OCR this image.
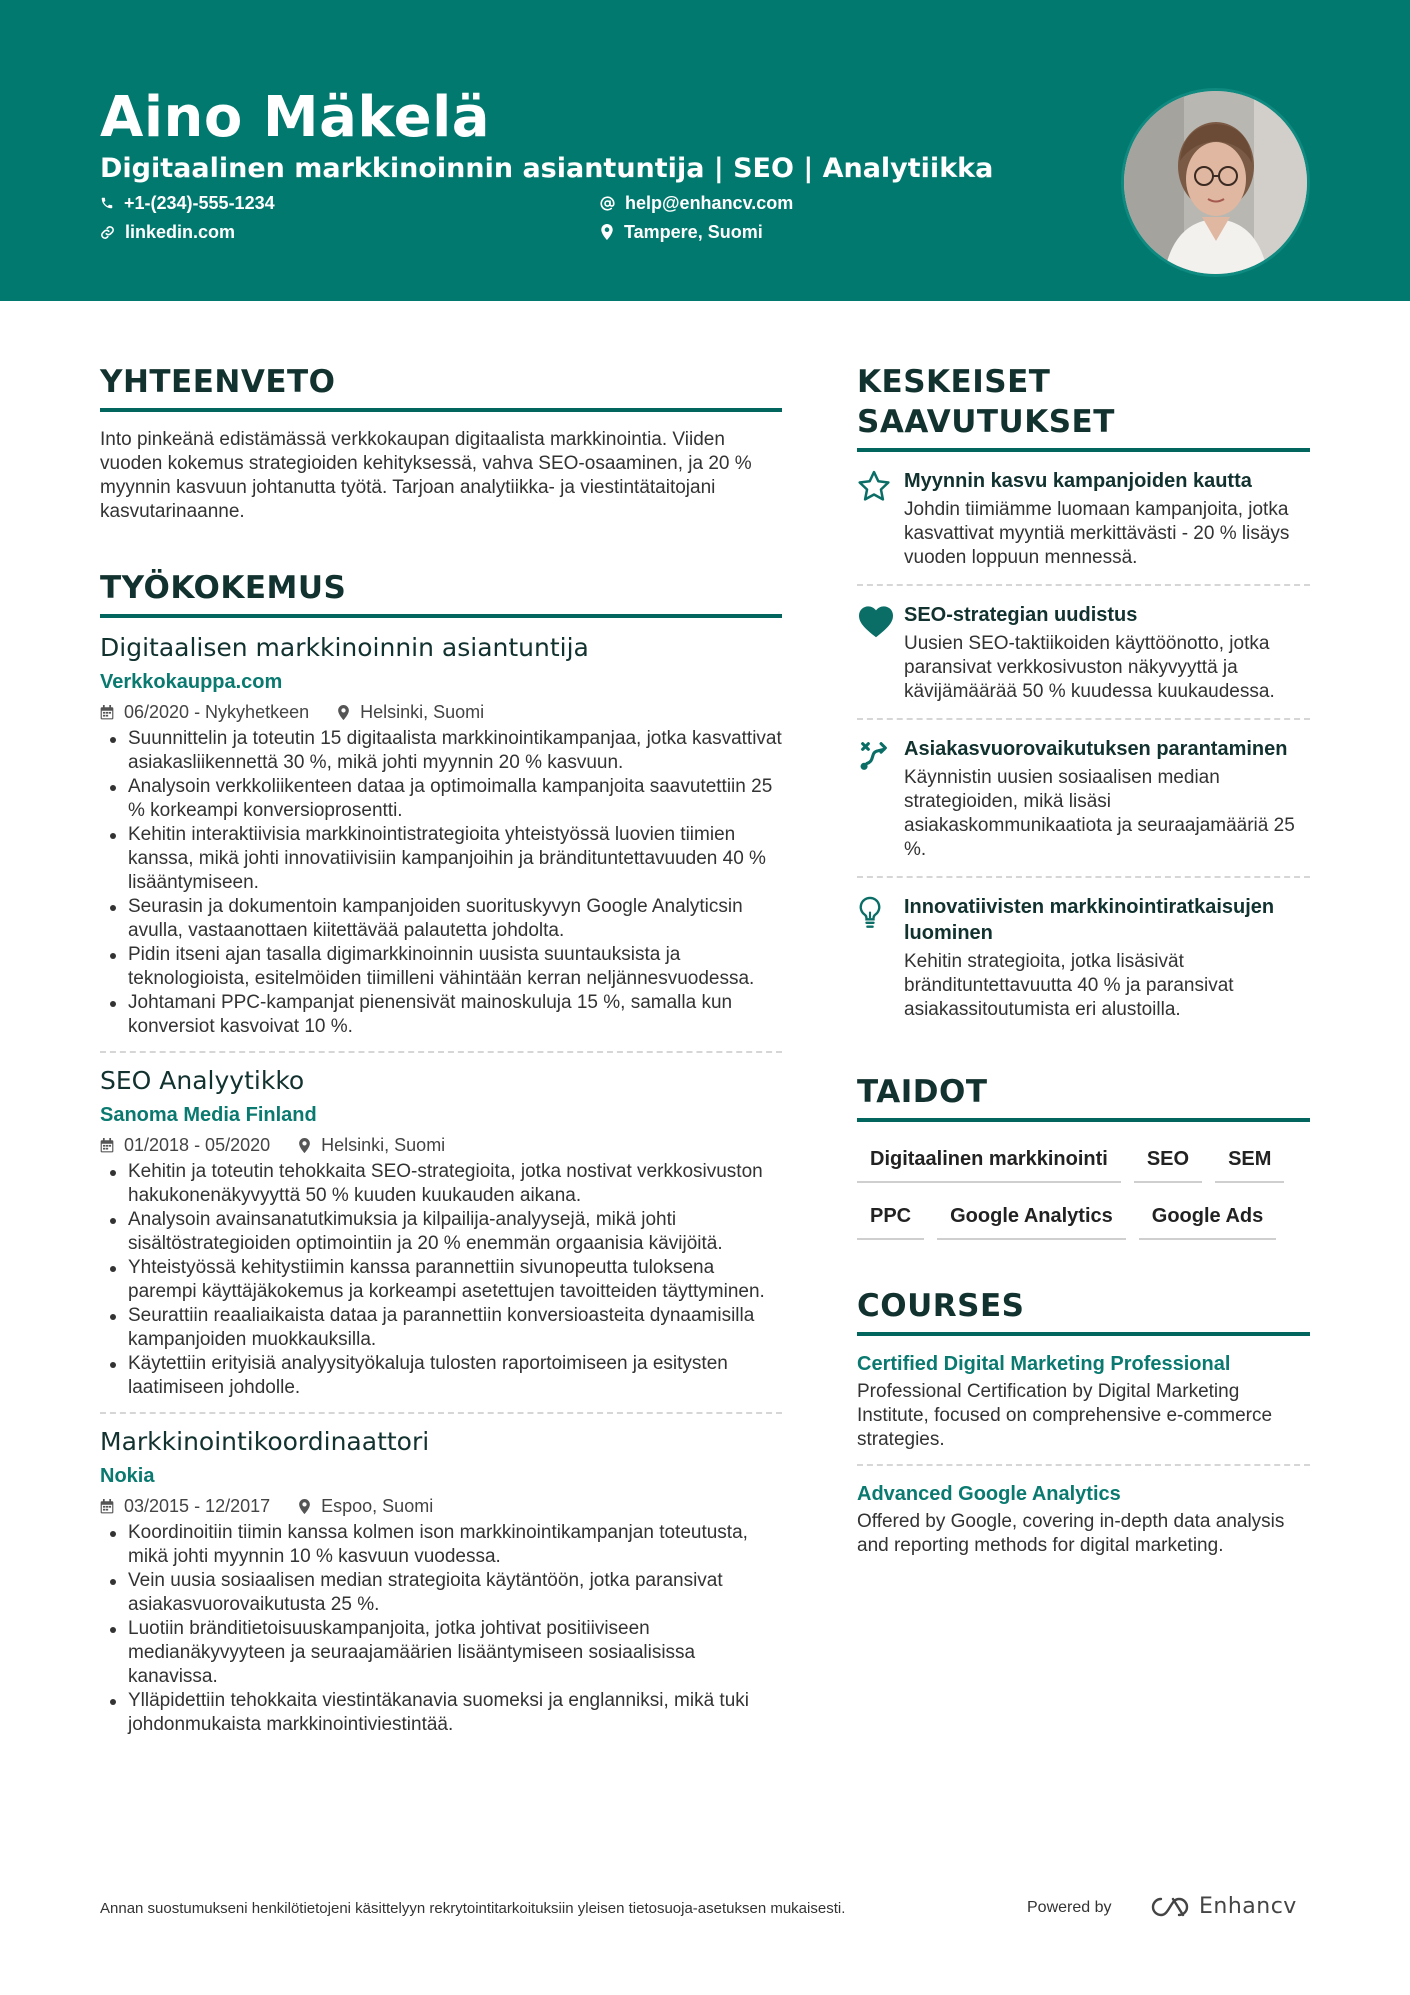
Aino Mäkelä
Digitaalinen markkinoinnin asiantuntija | SEO | Analytiikka
+1-(234)-555-1234	help@enhancv.com
linkedin.com	Tampere, Suomi
YHTEENVETO
Into pinkeänä edistämässä verkkokaupan digitaalista markkinointia. Viiden vuoden kokemus strategioiden kehityksessä, vahva SEO-osaaminen, ja 20 % myynnin kasvuun johtanutta työtä. Tarjoan analytiikka- ja viestintätaitojani kasvutarinaanne.
TYÖKOKEMUS
Digitaalisen markkinoinnin asiantuntija
Verkkokauppa.com
06/2020 - Nykyhetkeen	Helsinki, Suomi
Suunnittelin ja toteutin 15 digitaalista markkinointikampanjaa, jotka kasvattivat asiakasliikennettä 30 %, mikä johti myynnin 20 % kasvuun.
Analysoin verkkoliikenteen dataa ja optimoimalla kampanjoita saavutettiin 25 % korkeampi konversioprosentti.
Kehitin interaktiivisia markkinointistrategioita yhteistyössä luovien tiimien kanssa, mikä johti innovatiivisiin kampanjoihin ja brändituntettavuuden 40 % lisääntymiseen.
Seurasin ja dokumentoin kampanjoiden suorituskyvyn Google Analyticsin avulla, vastaanottaen kiitettävää palautetta johdolta.
Pidin itseni ajan tasalla digimarkkinoinnin uusista suuntauksista ja teknologioista, esitelmöiden tiimilleni vähintään kerran neljännesvuodessa.
Johtamani PPC-kampanjat pienensivät mainoskuluja 15 %, samalla kun konversiot kasvoivat 10 %.
SEO Analyytikko
Sanoma Media Finland
01/2018 - 05/2020	Helsinki, Suomi
Kehitin ja toteutin tehokkaita SEO-strategioita, jotka nostivat verkkosivuston hakukonenäkyvyyttä 50 % kuuden kuukauden aikana.
Analysoin avainsanatutkimuksia ja kilpailija-analyysejä, mikä johti sisältöstrategioiden optimointiin ja 20 % enemmän orgaanisia kävijöitä.
Yhteistyössä kehitystiimin kanssa parannettiin sivunopeutta tuloksena parempi käyttäjäkokemus ja korkeampi asetettujen tavoitteiden täyttyminen.
Seurattiin reaaliaikaista dataa ja parannettiin konversioasteita dynaamisilla kampanjoiden muokkauksilla.
Käytettiin erityisiä analyysityökaluja tulosten raportoimiseen ja esitysten laatimiseen johdolle.
Markkinointikoordinaattori
Nokia
03/2015 - 12/2017	Espoo, Suomi
Koordinoitiin tiimin kanssa kolmen ison markkinointikampanjan toteutusta, mikä johti myynnin 10 % kasvuun vuodessa.
Vein uusia sosiaalisen median strategioita käytäntöön, jotka paransivat asiakasvuorovaikutusta 25 %.
Luotiin bränditietoisuuskampanjoita, jotka johtivat positiiviseen medianäkyvyyteen ja seuraajamäärien lisääntymiseen sosiaalisissa kanavissa.
Ylläpidettiin tehokkaita viestintäkanavia suomeksi ja englanniksi, mikä tuki johdonmukaista markkinointiviestintää.
KESKEISET SAAVUTUKSET
Myynnin kasvu kampanjoiden kautta
Johdin tiimiämme luomaan kampanjoita, jotka kasvattivat myyntiä merkittävästi - 20 % lisäys vuoden loppuun mennessä.
SEO-strategian uudistus
Uusien SEO-taktiikoiden käyttöönotto, jotka paransivat verkkosivuston näkyvyyttä ja kävijämäärää 50 % kuudessa kuukaudessa.
Asiakasvuorovaikutuksen parantaminen
Käynnistin uusien sosiaalisen median strategioiden, mikä lisäsi asiakaskommunikaatiota ja seuraajamääriä 25 %.
Innovatiivisten markkinointiratkaisujen luominen
Kehitin strategioita, jotka lisäsivät brändituntettavuutta 40 % ja paransivat asiakassitoutumista eri alustoilla.
TAIDOT
Digitaalinen markkinointi	SEO	SEM
PPC	Google Analytics	Google Ads
COURSES
Certified Digital Marketing Professional
Professional Certification by Digital Marketing Institute, focused on comprehensive e-commerce strategies.
Advanced Google Analytics
Offered by Google, covering in-depth data analysis and reporting methods for digital marketing.
Annan suostumukseni henkilötietojeni käsittelyyn rekrytointitarkoituksiin yleisen tietosuoja-asetuksen mukaisesti.	Powered by	Enhancv
